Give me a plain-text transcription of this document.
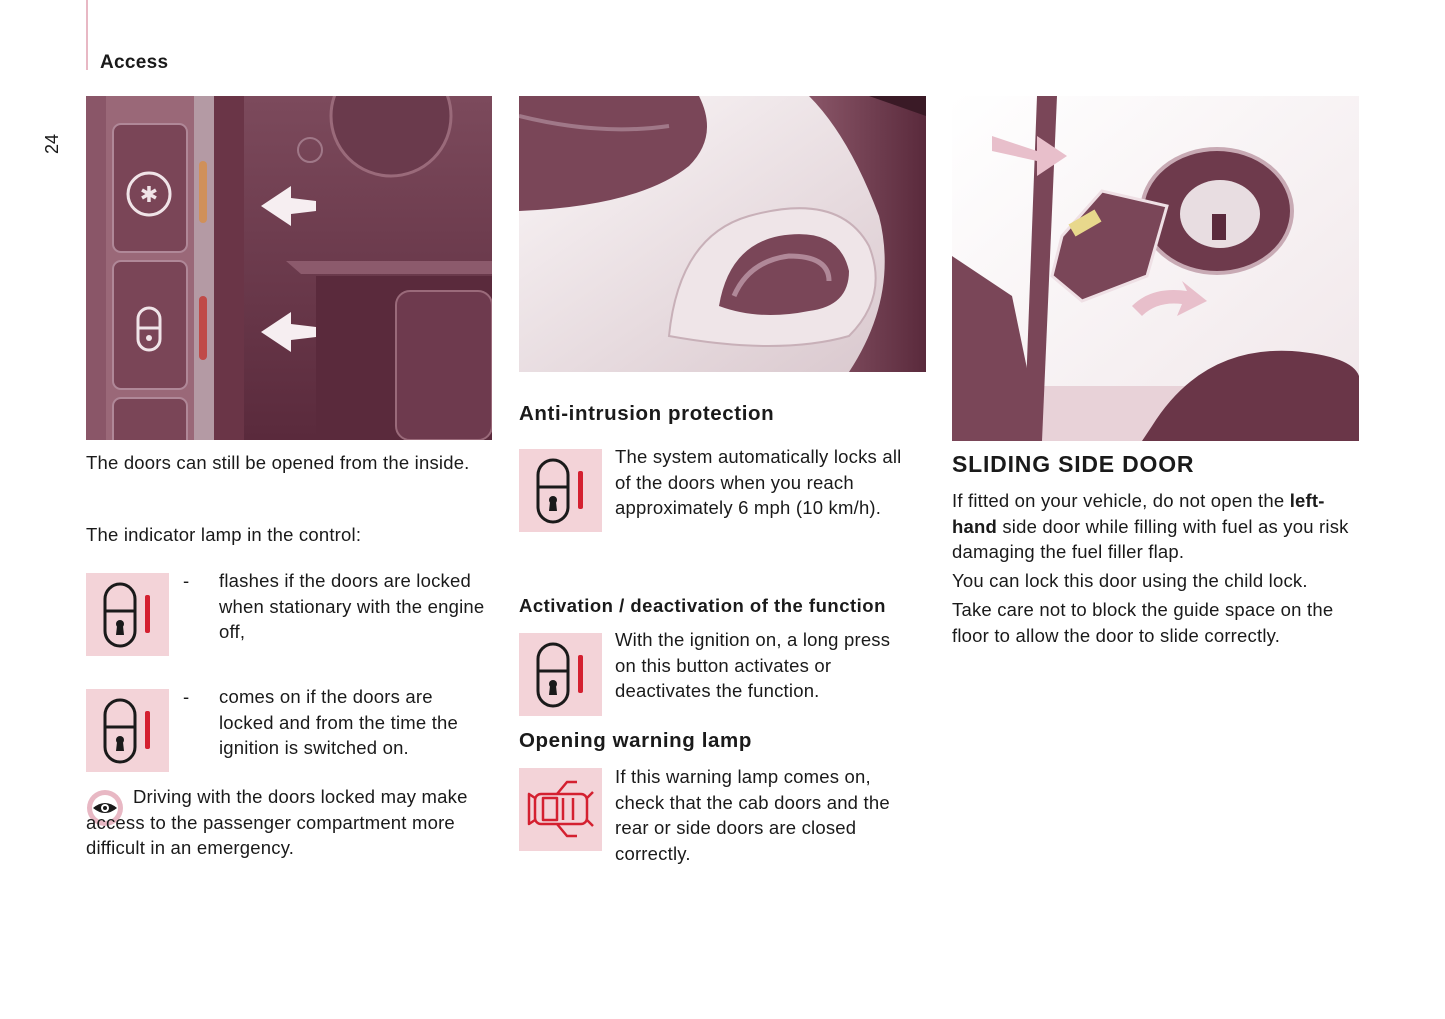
Access
24
✱
The doors can still be opened from the inside.
The indicator lamp in the control:
- flashes if the doors are locked when stationary with the engine off,
- comes on if the doors are locked and from the time the ignition is switched on.
Driving with the doors locked may make access to the passenger compartment more difficult in an emergency.
Anti-intrusion protection
The system automatically locks all of the doors when you reach approximately 6 mph (10 km/h).
Activation / deactivation of the function
With the ignition on, a long press on this button activates or deactivates the function.
Opening warning lamp
If this warning lamp comes on, check that the cab doors and the rear or side doors are closed correctly.
SLIDING SIDE DOOR
If fitted on your vehicle, do not open the left-hand side door while filling with fuel as you risk damaging the fuel filler flap.
You can lock this door using the child lock.
Take care not to block the guide space on the floor to allow the door to slide correctly.
